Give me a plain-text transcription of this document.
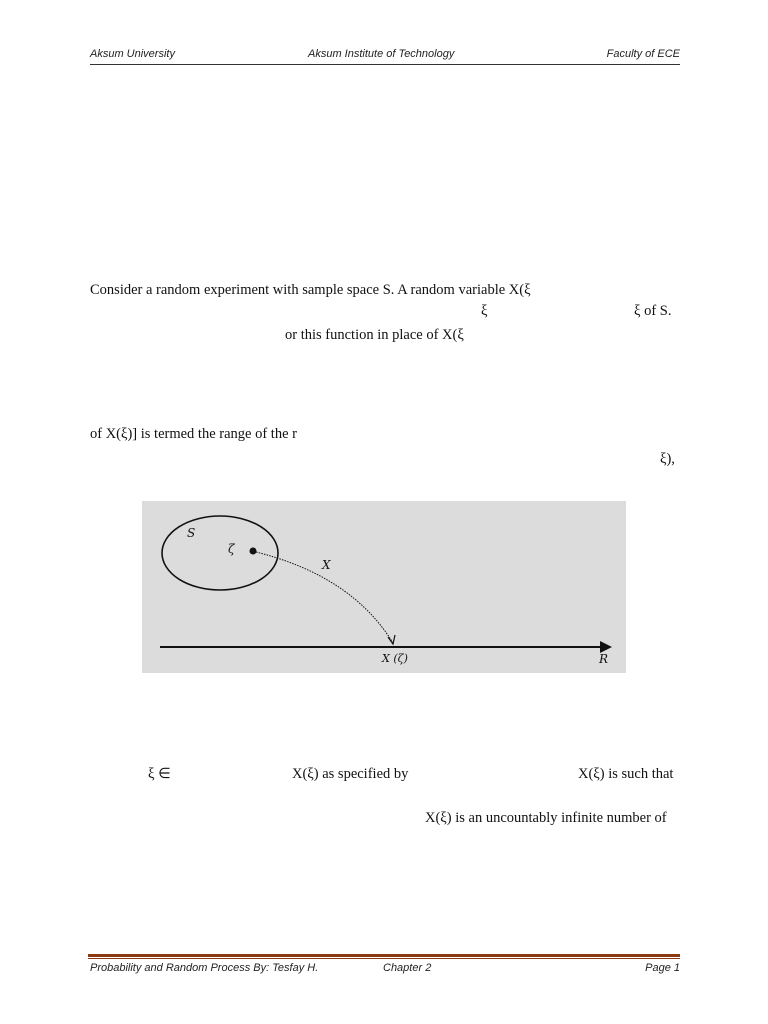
Aksum University	Aksum Institute of Technology	Faculty of ECE
Consider a random experiment with sample space S. A random variable X(ξ
ξ	ξ of S.
or this function in place of X(ξ
of X(ξ)] is termed the range of the r
ξ),
S
ζ
X
X (ζ)	R
ξ ∈	X(ξ) as specified by	X(ξ) is such that
X(ξ) is an uncountably infinite number of
Probability and Random Process By: Tesfay H.	Chapter 2	Page 1
